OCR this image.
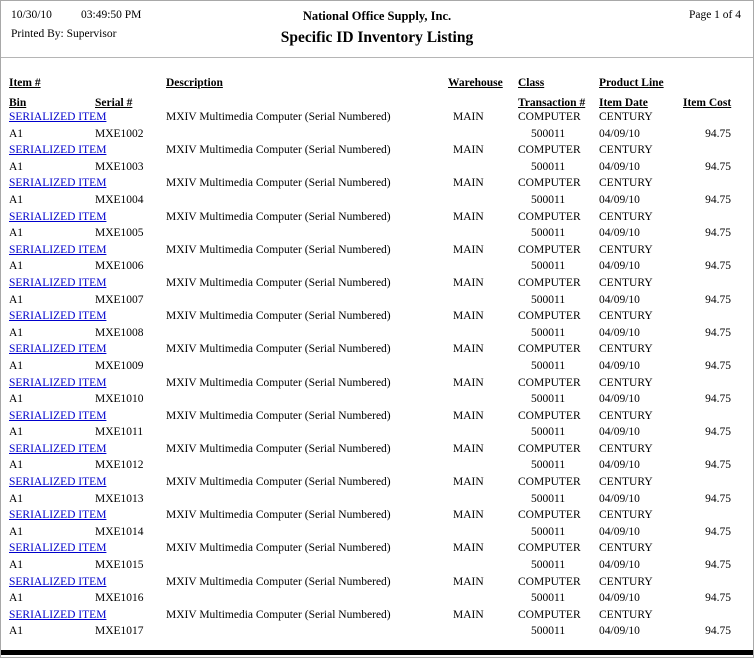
10/30/10	03:49:50 PM	National Office Supply, Inc.	Page 1 of 4
Printed By: Supervisor	Specific ID Inventory Listing
Item #	Description	Warehouse	Class	Product Line
Bin	Serial #	Transaction #	Item Date	Item Cost
SERIALIZED ITEM	MXIV Multimedia Computer (Serial Numbered)	MAIN	COMPUTER	CENTURY
A1	MXE1002	500011	04/09/10	94.75
SERIALIZED ITEM	MXIV Multimedia Computer (Serial Numbered)	MAIN	COMPUTER	CENTURY
A1	MXE1003	500011	04/09/10	94.75
SERIALIZED ITEM	MXIV Multimedia Computer (Serial Numbered)	MAIN	COMPUTER	CENTURY
A1	MXE1004	500011	04/09/10	94.75
SERIALIZED ITEM	MXIV Multimedia Computer (Serial Numbered)	MAIN	COMPUTER	CENTURY
A1	MXE1005	500011	04/09/10	94.75
SERIALIZED ITEM	MXIV Multimedia Computer (Serial Numbered)	MAIN	COMPUTER	CENTURY
A1	MXE1006	500011	04/09/10	94.75
SERIALIZED ITEM	MXIV Multimedia Computer (Serial Numbered)	MAIN	COMPUTER	CENTURY
A1	MXE1007	500011	04/09/10	94.75
SERIALIZED ITEM	MXIV Multimedia Computer (Serial Numbered)	MAIN	COMPUTER	CENTURY
A1	MXE1008	500011	04/09/10	94.75
SERIALIZED ITEM	MXIV Multimedia Computer (Serial Numbered)	MAIN	COMPUTER	CENTURY
A1	MXE1009	500011	04/09/10	94.75
SERIALIZED ITEM	MXIV Multimedia Computer (Serial Numbered)	MAIN	COMPUTER	CENTURY
A1	MXE1010	500011	04/09/10	94.75
SERIALIZED ITEM	MXIV Multimedia Computer (Serial Numbered)	MAIN	COMPUTER	CENTURY
A1	MXE1011	500011	04/09/10	94.75
SERIALIZED ITEM	MXIV Multimedia Computer (Serial Numbered)	MAIN	COMPUTER	CENTURY
A1	MXE1012	500011	04/09/10	94.75
SERIALIZED ITEM	MXIV Multimedia Computer (Serial Numbered)	MAIN	COMPUTER	CENTURY
A1	MXE1013	500011	04/09/10	94.75
SERIALIZED ITEM	MXIV Multimedia Computer (Serial Numbered)	MAIN	COMPUTER	CENTURY
A1	MXE1014	500011	04/09/10	94.75
SERIALIZED ITEM	MXIV Multimedia Computer (Serial Numbered)	MAIN	COMPUTER	CENTURY
A1	MXE1015	500011	04/09/10	94.75
SERIALIZED ITEM	MXIV Multimedia Computer (Serial Numbered)	MAIN	COMPUTER	CENTURY
A1	MXE1016	500011	04/09/10	94.75
SERIALIZED ITEM	MXIV Multimedia Computer (Serial Numbered)	MAIN	COMPUTER	CENTURY
A1	MXE1017	500011	04/09/10	94.75
